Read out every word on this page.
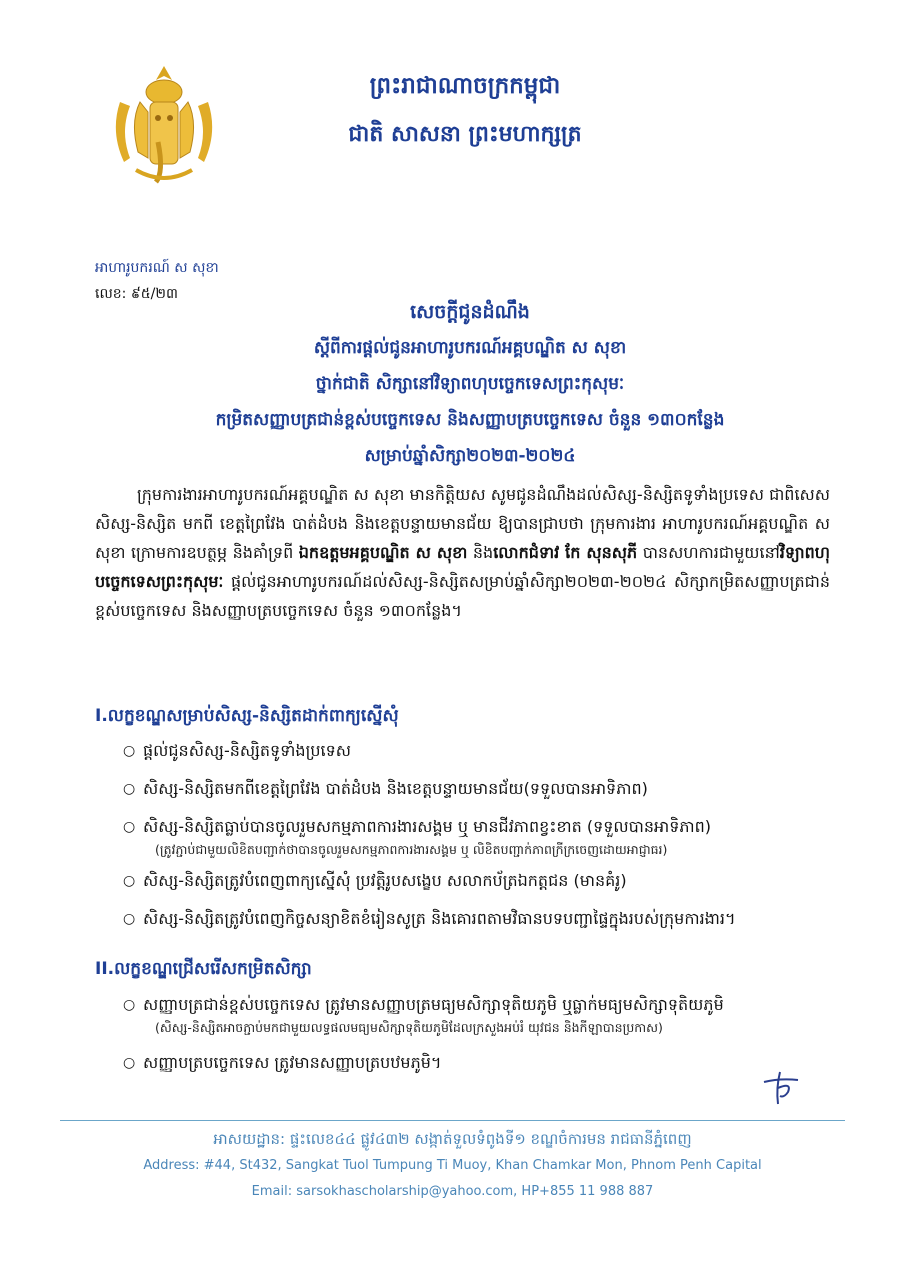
ព្រះរាជាណាចក្រកម្ពុជា
ជាតិ សាសនា ព្រះមហាក្សត្រ
អាហារូបករណ៍ ស សុខា
លេខ: ៩៥/២៣
សេចក្តីជូនដំណឹង
ស្តីពីការផ្តល់ជូនអាហារូបករណ៍អគ្គបណ្ឌិត ស សុខា
ថ្នាក់ជាតិ សិក្សានៅវិទ្យាពហុបច្ចេកទេសព្រះកុសុមៈ
កម្រិតសញ្ញាបត្រជាន់ខ្ពស់បច្ចេកទេស និងសញ្ញាបត្របច្ចេកទេស ចំនួន ១៣០កន្លែង
សម្រាប់ឆ្នាំសិក្សា២០២៣-២០២៤
ក្រុមការងារអាហារូបករណ៍អគ្គបណ្ឌិត ស សុខា មានកិត្តិយស សូមជូនដំណឹងដល់សិស្ស-និស្សិតទូទាំងប្រទេស ជាពិសេសសិស្ស-និស្សិត មកពី ខេត្តព្រៃវែង បាត់ដំបង និងខេត្តបន្ទាយមានជ័យ ឱ្យបានជ្រាបថា ក្រុមការងារ អាហារូបករណ៍អគ្គបណ្ឌិត ស សុខា ក្រោមការឧបត្ថម្ភ និងគាំទ្រពី ឯកឧត្តមអគ្គបណ្ឌិត ស សុខា និងលោកជំទាវ កែ សុនសុភី បានសហការជាមួយនៅវិទ្យាពហុបច្ចេកទេសព្រះកុសុមៈ ផ្តល់ជូនអាហារូបករណ៍ដល់សិស្ស-និស្សិតសម្រាប់ឆ្នាំសិក្សា២០២៣-២០២៤ សិក្សាកម្រិតសញ្ញាបត្រជាន់ខ្ពស់បច្ចេកទេស និងសញ្ញាបត្របច្ចេកទេស ចំនួន ១៣០កន្លែង។
I.លក្ខខណ្ឌសម្រាប់សិស្ស-និស្សិតដាក់ពាក្យស្នើសុំ
○ ផ្តល់ជូនសិស្ស-និស្សិតទូទាំងប្រទេស
○ សិស្ស-និស្សិតមកពីខេត្តព្រៃវែង បាត់ដំបង និងខេត្តបន្ទាយមានជ័យ(ទទួលបានអាទិភាព)
○ សិស្ស-និស្សិតធ្លាប់បានចូលរួមសកម្មភាពការងារសង្គម ឬ មានជីវភាពខ្វះខាត (ទទួលបានអាទិភាព)
(ត្រូវភ្ជាប់ជាមួយលិខិតបញ្ជាក់ថាបានចូលរួមសកម្មភាពការងារសង្គម ឬ លិខិតបញ្ជាក់ភាពក្រីក្រចេញដោយអាជ្ញាធរ)
○ សិស្ស-និស្សិតត្រូវបំពេញពាក្យស្នើសុំ ប្រវត្តិរូបសង្ខេប សលាកប័ត្រឯកត្តជន (មានគំរូ)
○ សិស្ស-និស្សិតត្រូវបំពេញកិច្ចសន្យាខិតខំរៀនសូត្រ និងគោរពតាមវិធានបទបញ្ជាផ្ទៃក្នុងរបស់ក្រុមការងារ។
II.លក្ខខណ្ឌជ្រើសរើសកម្រិតសិក្សា
○ សញ្ញាបត្រជាន់ខ្ពស់បច្ចេកទេស ត្រូវមានសញ្ញាបត្រមធ្យមសិក្សាទុតិយភូមិ ឬធ្លាក់មធ្យមសិក្សាទុតិយភូមិ
(សិស្ស-និស្សិតអាចភ្ជាប់មកជាមួយលទ្ធផលមធ្យមសិក្សាទុតិយភូមិដែលក្រសួងអប់រំ យុវជន និងកីឡាបានប្រកាស)
○ សញ្ញាបត្របច្ចេកទេស ត្រូវមានសញ្ញាបត្របឋមភូមិ។
អាសយដ្ឋាន: ផ្ទះលេខ៤៤ ផ្លូវ៤៣២ សង្កាត់ទួលទំពូងទី១ ខណ្ឌចំការមន រាជធានីភ្នំពេញ
Address: #44, St432, Sangkat Tuol Tumpung Ti Muoy, Khan Chamkar Mon, Phnom Penh Capital
Email: sarsokhascholarship@yahoo.com, HP+855 11 988 887
